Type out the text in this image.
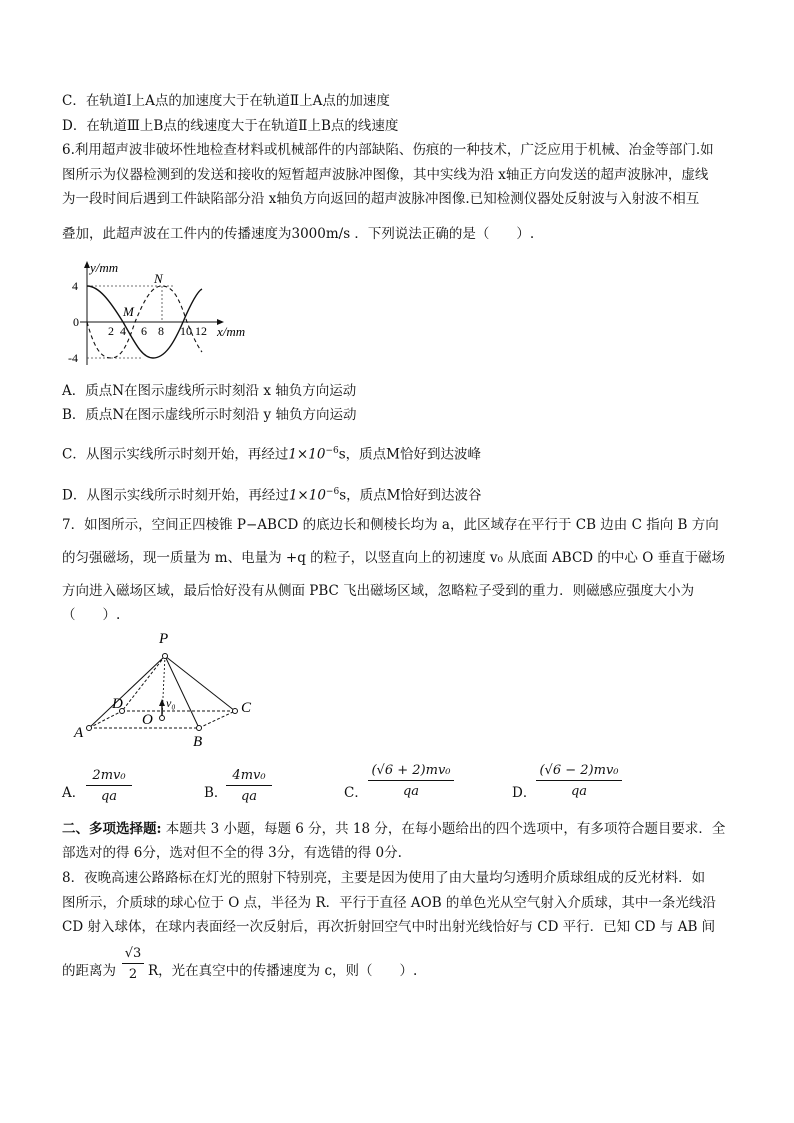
C．在轨道Ⅰ上A点的加速度大于在轨道Ⅱ上A点的加速度
D．在轨道Ⅲ上B点的线速度大于在轨道Ⅱ上B点的线速度
6.利用超声波非破坏性地检查材料或机械部件的内部缺陷、伤痕的一种技术，广泛应用于机械、冶金等部门.如
图所示为仪器检测到的发送和接收的短暂超声波脉冲图像，其中实线为沿 x轴正方向发送的超声波脉冲，虚线
为一段时间后遇到工件缺陷部分沿 x轴负方向返回的超声波脉冲图像.已知检测仪器处反射波与入射波不相互
叠加，此超声波在工件内的传播速度为3000m/s ．下列说法正确的是（　　）.
y/mm
4
0
-4
2 4 6 8 10 12 x/mm
M
N
A．质点N在图示虚线所示时刻沿 x 轴负方向运动
B．质点N在图示虚线所示时刻沿 y 轴负方向运动
C．从图示实线所示时刻开始，再经过$1\times 10^{-6}s$，质点M恰好到达波峰
D．从图示实线所示时刻开始，再经过$1\times 10^{-6}s$，质点M恰好到达波谷
7．如图所示，空间正四棱锥 P−ABCD 的底边长和侧棱长均为 a，此区域存在平行于 CB 边由 C 指向 B 方向
的匀强磁场，现一质量为 m、电量为 +q 的粒子，以竖直向上的初速度 v₀ 从底面 ABCD 的中心 O 垂直于磁场
方向进入磁场区域，最后恰好没有从侧面 PBC 飞出磁场区域，忽略粒子受到的重力．则磁感应强度大小为
（　　）.
P
A
B
C
D
O
v₀
A． $\frac{\text{2mv₀}}{qa}$	B．
$\frac{\text{4mv₀}}{qa}$	C． $\frac{\text{(√6 + 2)mv₀}}{qa}$	D． $\frac{\text{(√6 − 2)mv₀}}{qa}$
二、多项选择题: 本题共 3 小题，每题 6 分，共 18 分，在每小题给出的四个选项中，有多项符合题目要求．全
部选对的得 6分，选对但不全的得 3分，有选错的得 0分.
8．夜晚高速公路路标在灯光的照射下特别亮，主要是因为使用了由大量均匀透明介质球组成的反光材料．如
图所示，介质球的球心位于 O 点，半径为 R．平行于直径 AOB 的单色光从空气射入介质球，其中一条光线沿
CD 射入球体，在球内表面经一次反射后，再次折射回空气中时出射光线恰好与 CD 平行．已知 CD 与 AB 间
的距离为 $\frac{√3}{2}$ R，光在真空中的传播速度为 c，则（　　）.
